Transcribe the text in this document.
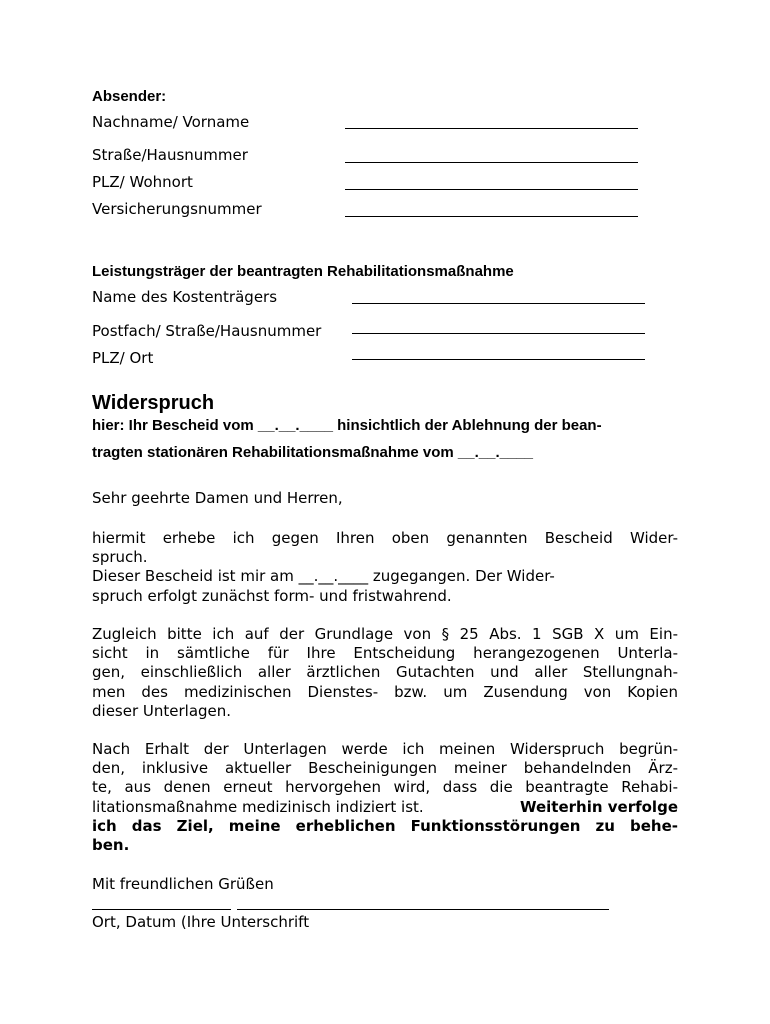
Absender:
Nachname/ Vorname
Straße/Hausnummer
PLZ/ Wohnort
Versicherungsnummer
Leistungsträger der beantragten Rehabilitationsmaßnahme
Name des Kostenträgers
Postfach/ Straße/Hausnummer
PLZ/ Ort
Widerspruch
hier: Ihr Bescheid vom __.__.____ hinsichtlich der Ablehnung der bean-
tragten stationären Rehabilitationsmaßnahme vom __.__.____
Sehr geehrte Damen und Herren,
hiermit erhebe ich gegen Ihren oben genannten Bescheid Wider-
spruch.
Dieser Bescheid ist mir am __.__.____ zugegangen. Der Wider-
spruch erfolgt zunächst form- und fristwahrend.
Zugleich bitte ich auf der Grundlage von § 25 Abs. 1 SGB X um Ein-
sicht in sämtliche für Ihre Entscheidung herangezogenen Unterla-
gen, einschließlich aller ärztlichen Gutachten und aller Stellungnah-
men des medizinischen Dienstes- bzw. um Zusendung von Kopien
dieser Unterlagen.
Nach Erhalt der Unterlagen werde ich meinen Widerspruch begrün-
den, inklusive aktueller Bescheinigungen meiner behandelnden Ärz-
te, aus denen erneut hervorgehen wird, dass die beantragte Rehabi-
litationsmaßnahme medizinisch indiziert ist.	Weiterhin verfolge
ich das Ziel, meine erheblichen Funktionsstörungen zu behe-
ben.
Mit freundlichen Grüßen
Ort, Datum (Ihre Unterschrift
